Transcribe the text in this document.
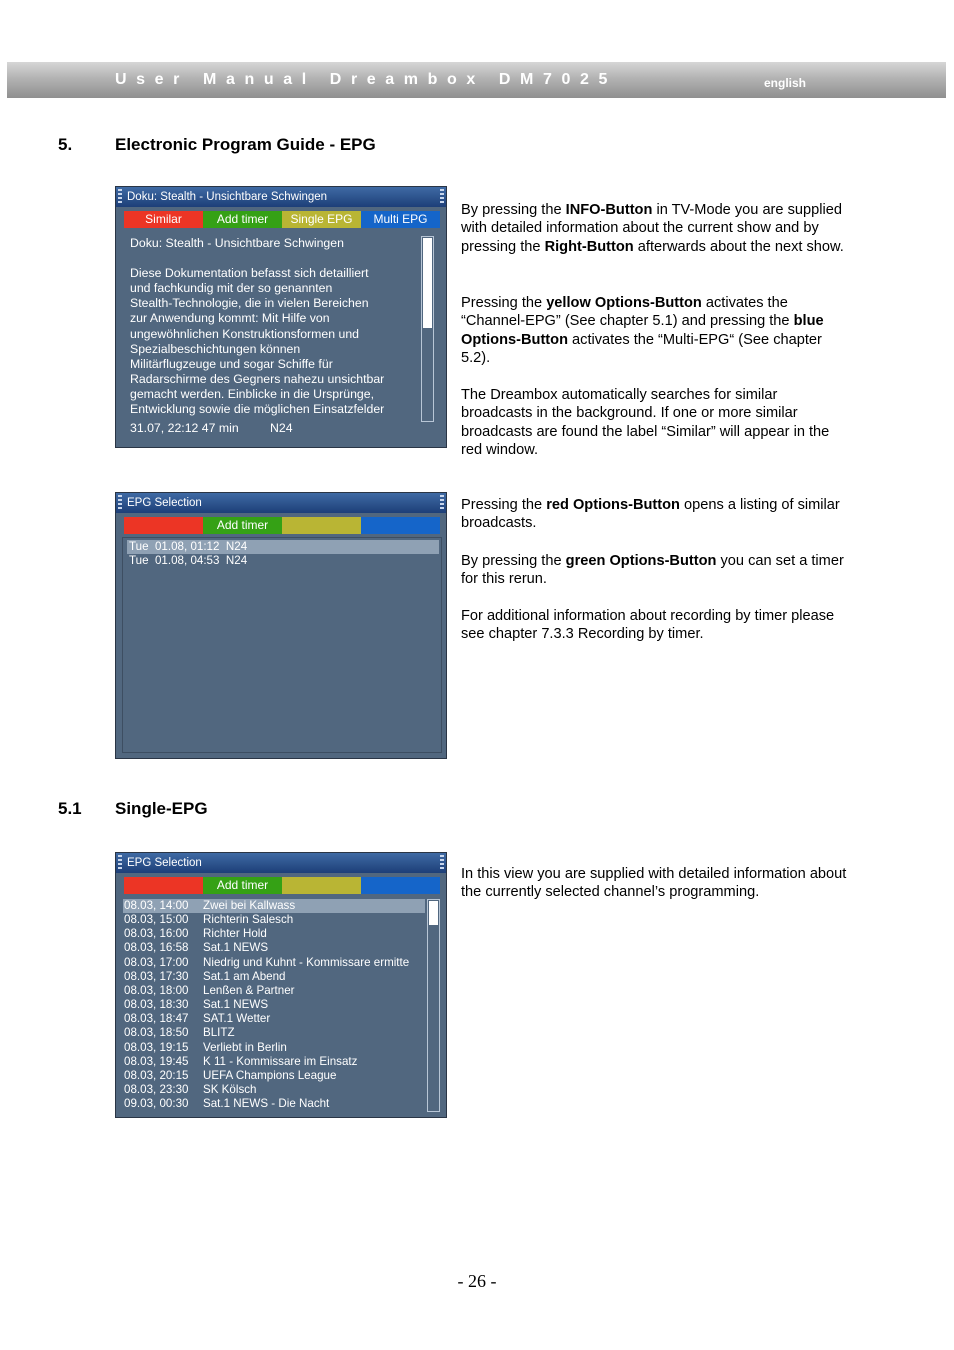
User Manual Dreambox DM7025	english
5.	Electronic Program Guide - EPG
Doku: Stealth - Unsichtbare Schwingen
Similar	Add timer	Single EPG	Multi EPG
Doku: Stealth - Unsichtbare Schwingen
Diese Dokumentation befasst sich detailliert
und fachkundig mit der so genannten
Stealth-Technologie, die in vielen Bereichen
zur Anwendung kommt: Mit Hilfe von
ungewöhnlichen Konstruktionsformen und
Spezialbeschichtungen können
Militärflugzeuge und sogar Schiffe für
Radarschirme des Gegners nahezu unsichtbar
gemacht werden. Einblicke in die Ursprünge,
Entwicklung sowie die möglichen Einsatzfelder
31.07, 22:12 47 min	N24
EPG Selection
Add timer
Tue  01.08, 01:12  N24
Tue  01.08, 04:53  N24
5.1 Single-EPG
EPG Selection
Add timer
08.03, 14:00 Zwei bei Kallwass
08.03, 15:00 Richterin Salesch
08.03, 16:00 Richter Hold
08.03, 16:58 Sat.1 NEWS
08.03, 17:00 Niedrig und Kuhnt - Kommissare ermitte
08.03, 17:30 Sat.1 am Abend
08.03, 18:00 Lenßen & Partner
08.03, 18:30 Sat.1 NEWS
08.03, 18:47 SAT.1 Wetter
08.03, 18:50 BLITZ
08.03, 19:15 Verliebt in Berlin
08.03, 19:45 K 11 - Kommissare im Einsatz
08.03, 20:15 UEFA Champions League
08.03, 23:30 SK Kölsch
09.03, 00:30 Sat.1 NEWS - Die Nacht

By pressing the INFO-Button in TV-Mode you are supplied with detailed information about the current show and by pressing the Right-Button afterwards about the next show.

Pressing the yellow Options-Button activates the “Channel-EPG” (See chapter 5.1) and pressing the blue Options-Button activates the “Multi-EPG“ (See chapter 5.2).

The Dreambox automatically searches for similar broadcasts in the background. If one or more similar broadcasts are found the label “Similar” will appear in the red window.

Pressing the red Options-Button opens a listing of similar broadcasts.

By pressing the green Options-Button you can set a timer for this rerun.

For additional information about recording by timer please see chapter 7.3.3 Recording by timer.

In this view you are supplied with detailed information about the currently selected channel’s programming.

- 26 -
